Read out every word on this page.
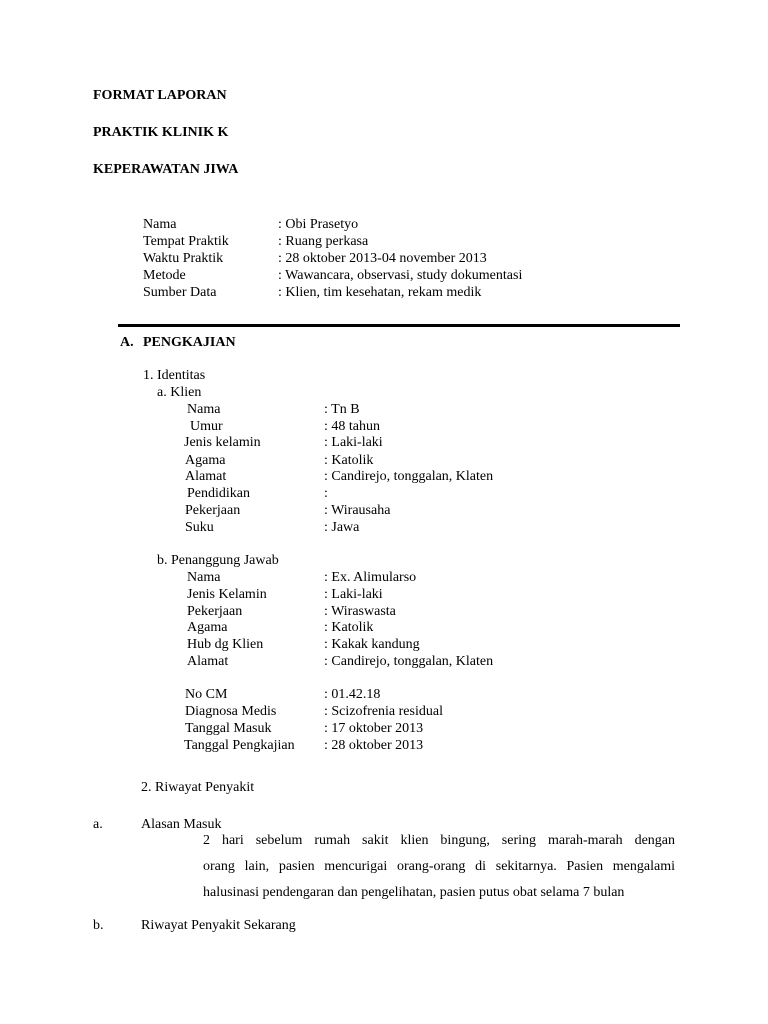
FORMAT LAPORAN
PRAKTIK KLINIK K
KEPERAWATAN JIWA
Nama	: Obi Prasetyo
Tempat Praktik	: Ruang perkasa
Waktu Praktik	: 28 oktober 2013-04 november 2013
Metode	: Wawancara, observasi, study dokumentasi
Sumber Data	: Klien, tim kesehatan, rekam medik
A. PENGKAJIAN
1. Identitas
a. Klien
Nama	: Tn B
Umur	: 48 tahun
Jenis kelamin	: Laki-laki
Agama	: Katolik
Alamat	: Candirejo, tonggalan, Klaten
Pendidikan	:
Pekerjaan	: Wirausaha
Suku	: Jawa
b. Penanggung Jawab
Nama	: Ex. Alimularso
Jenis Kelamin	: Laki-laki
Pekerjaan	: Wiraswasta
Agama	: Katolik
Hub dg Klien	: Kakak kandung
Alamat	: Candirejo, tonggalan, Klaten
No CM	: 01.42.18
Diagnosa Medis	: Scizofrenia residual
Tanggal Masuk	: 17 oktober 2013
Tanggal Pengkajian : 28 oktober 2013
2. Riwayat Penyakit
a.	Alasan Masuk
2 hari sebelum rumah sakit klien bingung, sering marah-marah dengan
orang lain, pasien mencurigai orang-orang di sekitarnya. Pasien mengalami
halusinasi pendengaran dan pengelihatan, pasien putus obat selama 7 bulan
b.	Riwayat Penyakit Sekarang
